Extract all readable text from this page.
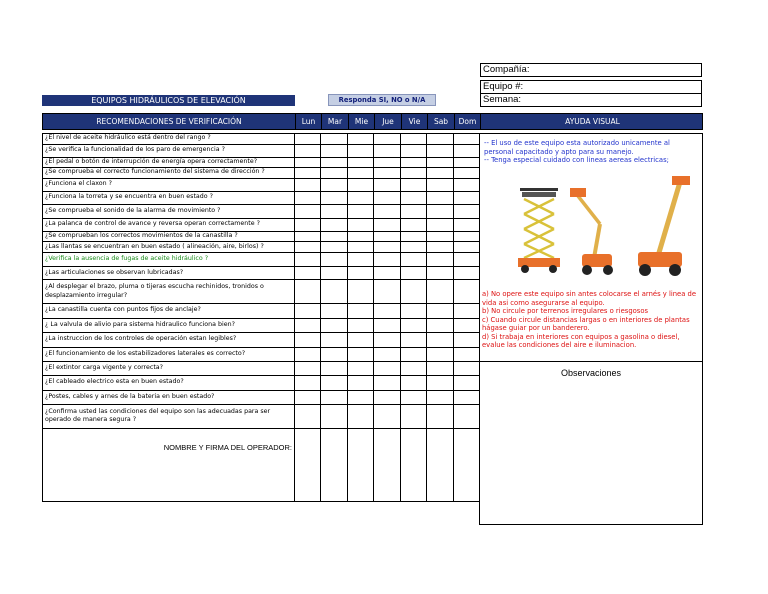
Compañía:
Equipo #:
Semana:
EQUIPOS HIDRÁULICOS DE ELEVACIÓN	Responda SI, NO o N/A
RECOMENDACIONES DE VERIFICACIÓN	Lun	Mar	Mie	Jue	Vie	Sab	Dom	AYUDA VISUAL
¿El nivel de aceite hidráulico está dentro del rango ?							
¿Se verifica la funcionalidad de los paro de emergencia ?							
¿El pedal o botón de interrupción de energía opera correctamente?							
¿Se comprueba el correcto funcionamiento del sistema de dirección ?							
¿Funciona el claxon ?							
¿Funciona la torreta y se encuentra en buen estado ?							
¿Se comprueba el sonido de la alarma de movimiento ?							
¿La palanca de control de avance y reversa operan correctamente ?							
¿Se comprueban los correctos movimientos de la canastilla ?							
¿Las llantas se encuentran en buen estado ( alineación, aire, birlos) ?							
¿Verifica la ausencia de fugas de aceite hidráulico ?							
¿Las articulaciones se observan lubricadas?							
¿Al desplegar el brazo, pluma o tijeras escucha rechinidos, tronidos o desplazamiento irregular?							
¿La canastilla cuenta con puntos fijos de anclaje?							
¿ La valvula de alivio para sistema hidraulico funciona bien?							
¿La instruccion de los controles de operación estan legibles?							
¿El funcionamiento de los estabilizadores laterales es correcto?							
¿El extintor carga vigente y correcta?							
¿El cableado electrico esta en buen estado?							
¿Postes, cables y arnes de la bateria en buen estado?							
¿Confirma usted las condiciones del equipo son las adecuadas para ser operado de manera segura ?							
NOMBRE Y FIRMA DEL OPERADOR:							
-- El uso de este equipo esta autorizado unicamente al personal capacitado y apto para su manejo.
-- Tenga especial cuidado con lineas aereas electricas;
a) No opere este equipo sin antes colocarse el arnés y linea de vida asi como asegurarse al equipo.
b) No circule por terrenos irregulares o riesgosos
c) Cuando circule distancias largas o en interiores de plantas hágase guiar por un banderero.
d) Si trabaja en interiores con equipos a gasolina o diesel, evalue las condiciones del aire e iluminacion.
Observaciones
